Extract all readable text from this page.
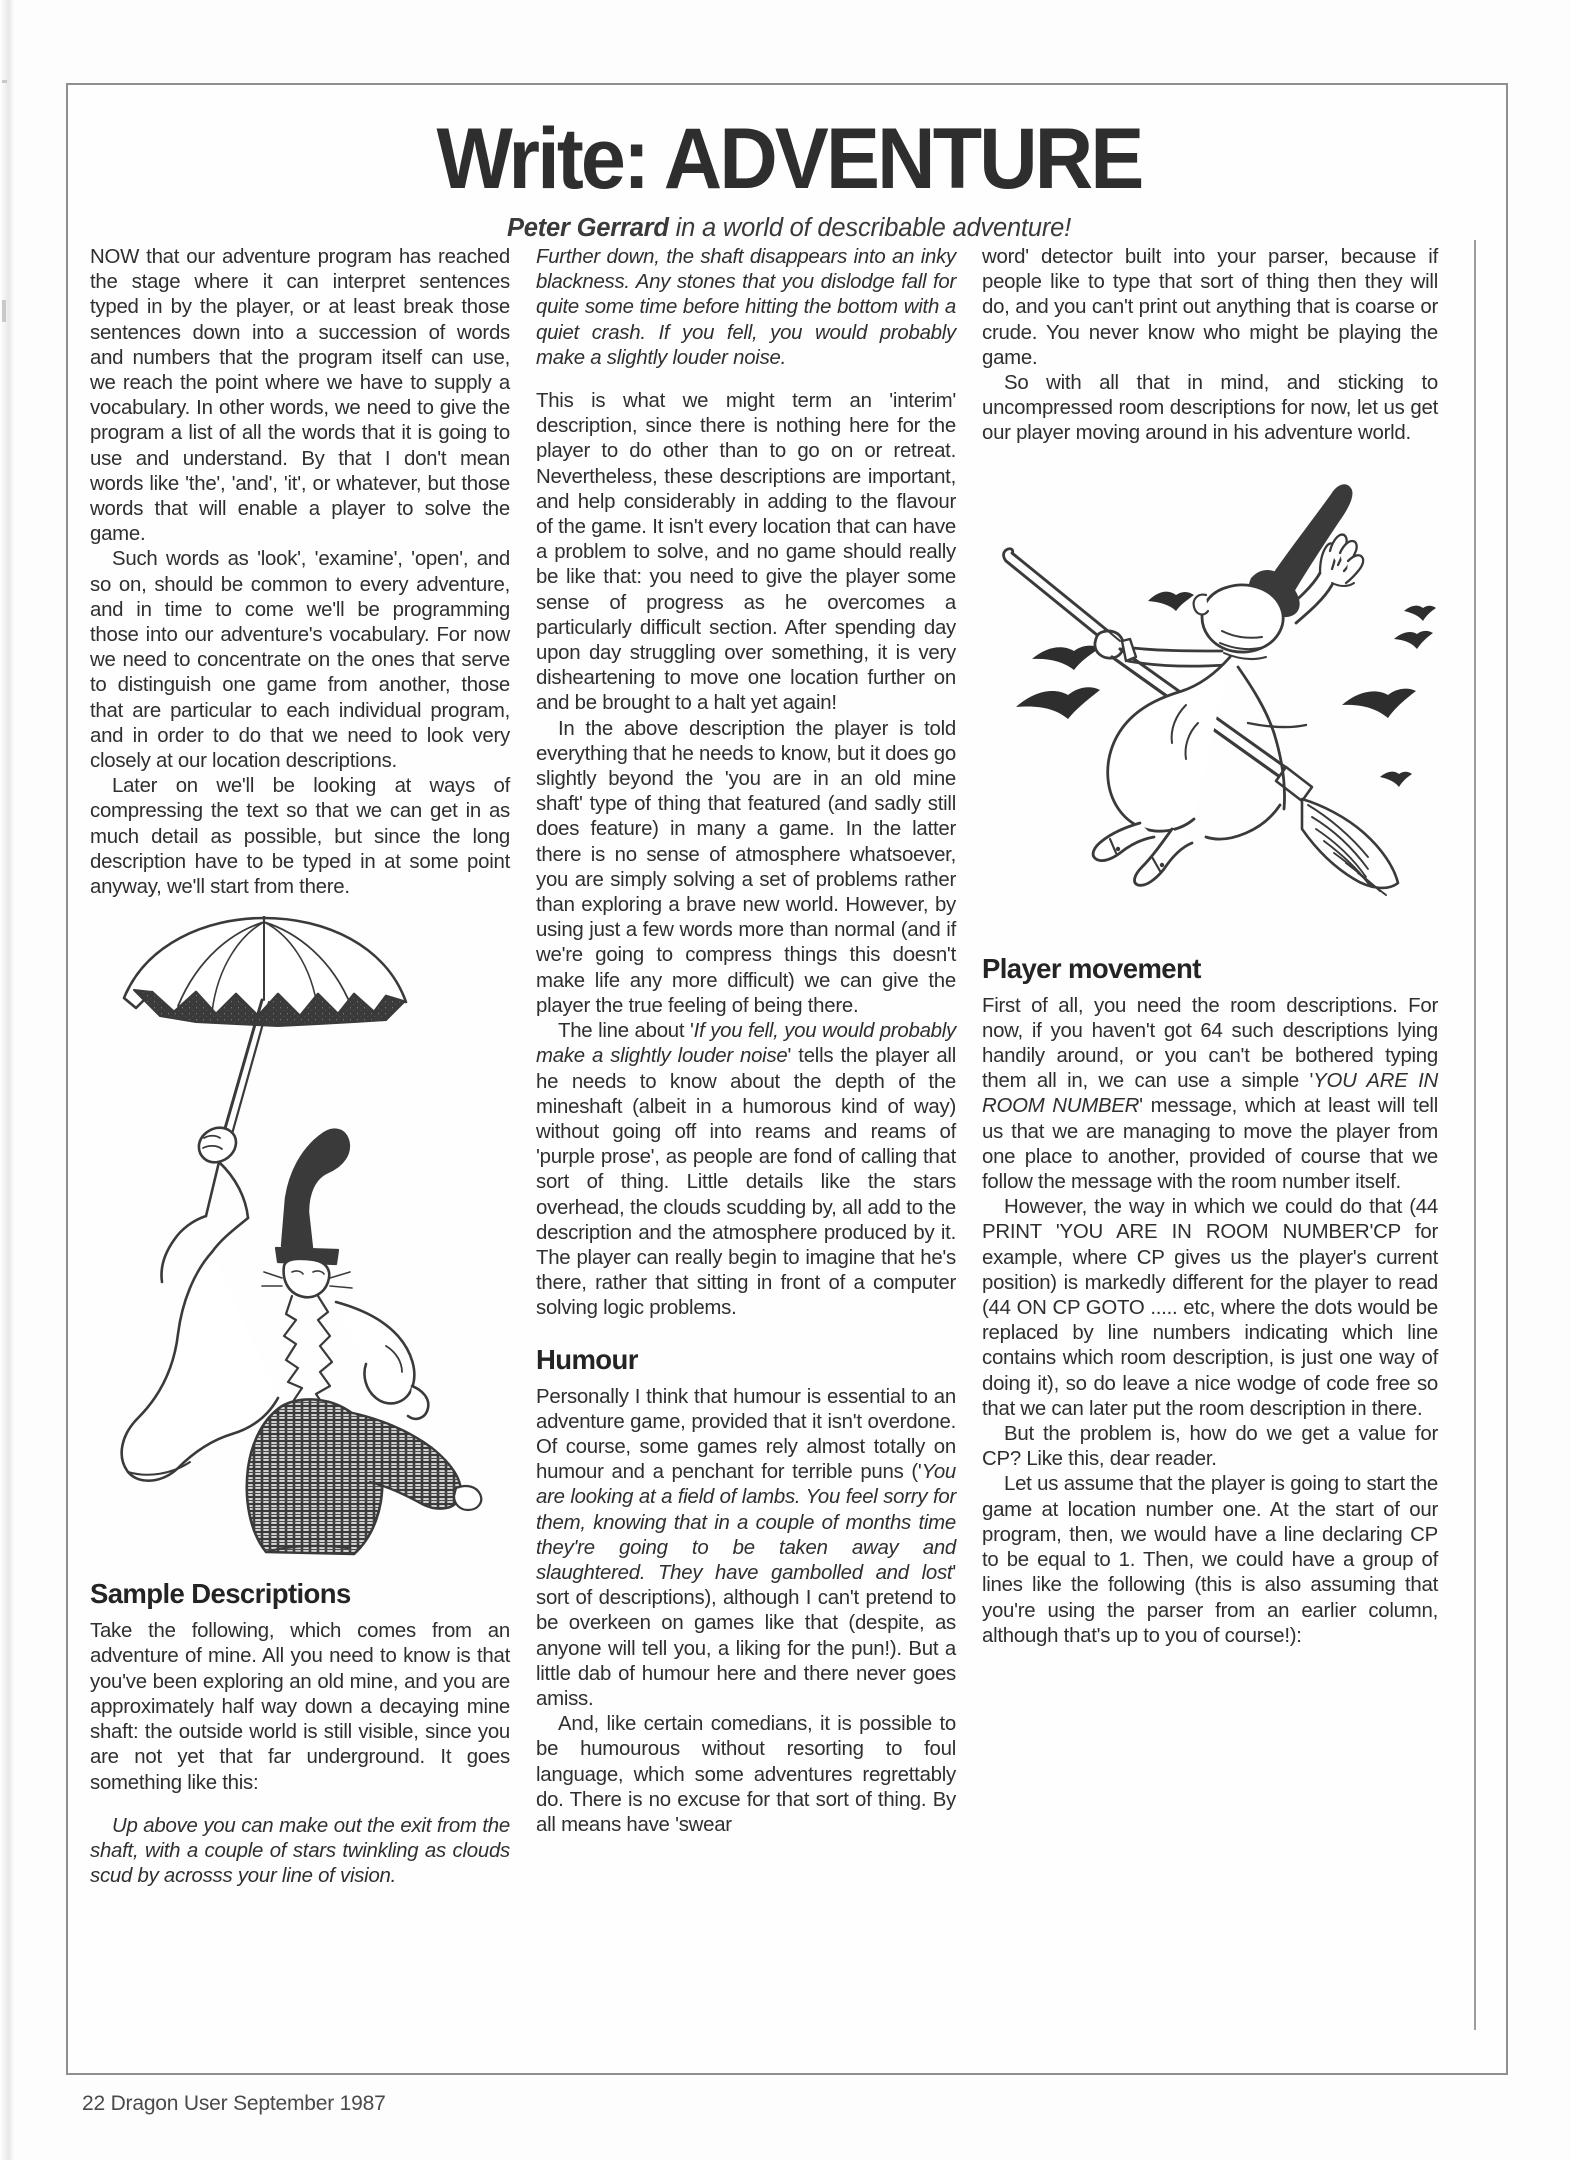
Write: ADVENTURE
Peter Gerrard in a world of describable adventure!

NOW that our adventure program has reached the stage where it can interpret sentences typed in by the player, or at least break those sentences down into a succession of words and numbers that the program itself can use, we reach the point where we have to supply a vocabulary. In other words, we need to give the program a list of all the words that it is going to use and understand. By that I don't mean words like 'the', 'and', 'it', or whatever, but those words that will enable a player to solve the game.

Such words as 'look', 'examine', 'open', and so on, should be common to every adventure, and in time to come we'll be programming those into our adventure's vocabulary. For now we need to concentrate on the ones that serve to distinguish one game from another, those that are particular to each individual program, and in order to do that we need to look very closely at our location descriptions.

Later on we'll be looking at ways of compressing the text so that we can get in as much detail as possible, but since the long description have to be typed in at some point anyway, we'll start from there.

Sample Descriptions

Take the following, which comes from an adventure of mine. All you need to know is that you've been exploring an old mine, and you are approximately half way down a decaying mine shaft: the outside world is still visible, since you are not yet that far underground. It goes something like this:

Up above you can make out the exit from the shaft, with a couple of stars twinkling as clouds scud by acrosss your line of vision.

Further down, the shaft disappears into an inky blackness. Any stones that you dislodge fall for quite some time before hitting the bottom with a quiet crash. If you fell, you would probably make a slightly louder noise.

This is what we might term an 'interim' description, since there is nothing here for the player to do other than to go on or retreat. Nevertheless, these descriptions are important, and help considerably in adding to the flavour of the game. It isn't every location that can have a problem to solve, and no game should really be like that: you need to give the player some sense of progress as he overcomes a particularly difficult section. After spending day upon day struggling over something, it is very disheartening to move one location further on and be brought to a halt yet again!

In the above description the player is told everything that he needs to know, but it does go slightly beyond the 'you are in an old mine shaft' type of thing that featured (and sadly still does feature) in many a game. In the latter there is no sense of atmosphere whatsoever, you are simply solving a set of problems rather than exploring a brave new world. However, by using just a few words more than normal (and if we're going to compress things this doesn't make life any more difficult) we can give the player the true feeling of being there.

The line about 'If you fell, you would probably make a slightly louder noise' tells the player all he needs to know about the depth of the mineshaft (albeit in a humorous kind of way) without going off into reams and reams of 'purple prose', as people are fond of calling that sort of thing. Little details like the stars overhead, the clouds scudding by, all add to the description and the atmosphere produced by it. The player can really begin to imagine that he's there, rather that sitting in front of a computer solving logic problems.

Humour

Personally I think that humour is essential to an adventure game, provided that it isn't overdone. Of course, some games rely almost totally on humour and a penchant for terrible puns ('You are looking at a field of lambs. You feel sorry for them, knowing that in a couple of months time they're going to be taken away and slaughtered. They have gambolled and lost' sort of descriptions), although I can't pretend to be overkeen on games like that (despite, as anyone will tell you, a liking for the pun!). But a little dab of humour here and there never goes amiss.

And, like certain comedians, it is possible to be humourous without resorting to foul language, which some adventures regrettably do. There is no excuse for that sort of thing. By all means have 'swear

word' detector built into your parser, because if people like to type that sort of thing then they will do, and you can't print out anything that is coarse or crude. You never know who might be playing the game.

So with all that in mind, and sticking to uncompressed room descriptions for now, let us get our player moving around in his adventure world.

Player movement

First of all, you need the room descriptions. For now, if you haven't got 64 such descriptions lying handily around, or you can't be bothered typing them all in, we can use a simple 'YOU ARE IN ROOM NUMBER' message, which at least will tell us that we are managing to move the player from one place to another, provided of course that we follow the message with the room number itself.

However, the way in which we could do that (44 PRINT 'YOU ARE IN ROOM NUMBER'CP for example, where CP gives us the player's current position) is markedly different for the player to read (44 ON CP GOTO ..... etc, where the dots would be replaced by line numbers indicating which line contains which room description, is just one way of doing it), so do leave a nice wodge of code free so that we can later put the room description in there.

But the problem is, how do we get a value for CP? Like this, dear reader.

Let us assume that the player is going to start the game at location number one. At the start of our program, then, we would have a line declaring CP to be equal to 1. Then, we could have a group of lines like the following (this is also assuming that you're using the parser from an earlier column, although that's up to you of course!):

22 Dragon User September 1987
